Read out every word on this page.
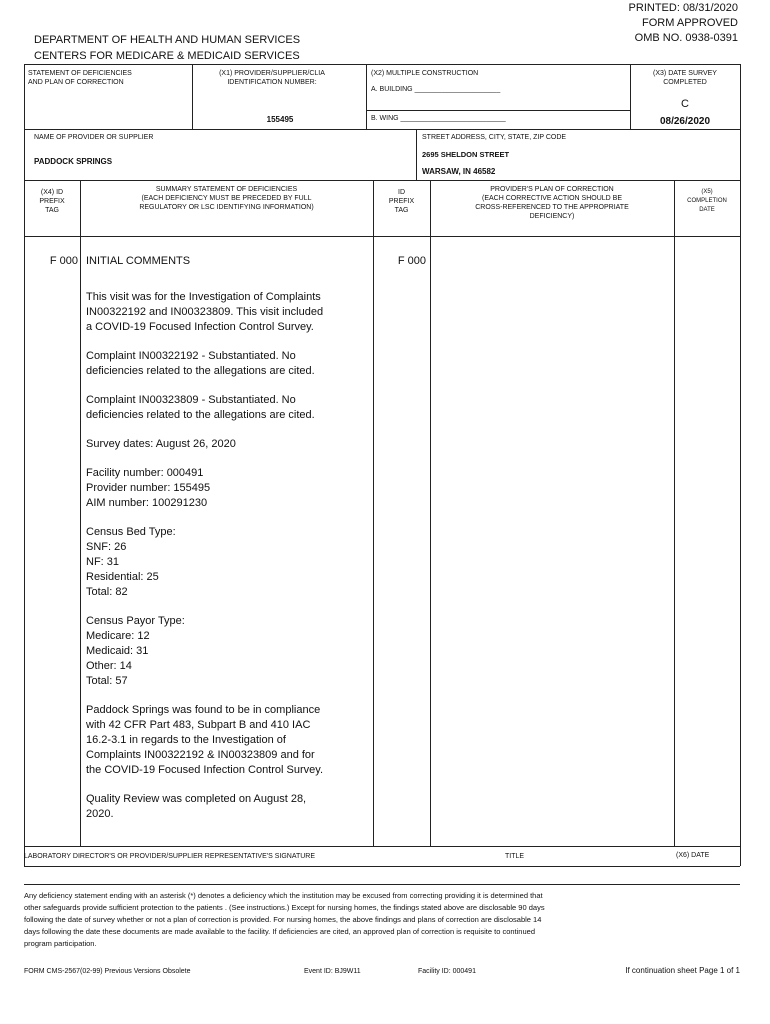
PRINTED: 08/31/2020
FORM APPROVED
OMB NO. 0938-0391
DEPARTMENT OF HEALTH AND HUMAN SERVICES
CENTERS FOR MEDICARE & MEDICAID SERVICES
STATEMENT OF DEFICIENCIES
AND PLAN OF CORRECTION
(X1) PROVIDER/SUPPLIER/CLIA
IDENTIFICATION NUMBER:
155495
(X2) MULTIPLE CONSTRUCTION
A. BUILDING ______________________
B. WING ___________________________
(X3) DATE SURVEY
COMPLETED
C
08/26/2020
NAME OF PROVIDER OR SUPPLIER
PADDOCK SPRINGS
STREET ADDRESS, CITY, STATE, ZIP CODE
2695 SHELDON STREET
WARSAW, IN 46582
(X4) ID
PREFIX
TAG
SUMMARY STATEMENT OF DEFICIENCIES
(EACH DEFICIENCY MUST BE PRECEDED BY FULL
REGULATORY OR LSC IDENTIFYING INFORMATION)
ID
PREFIX
TAG
PROVIDER'S PLAN OF CORRECTION
(EACH CORRECTIVE ACTION SHOULD BE
CROSS-REFERENCED TO THE APPROPRIATE
DEFICIENCY)
(X5)
COMPLETION
DATE
F 000	F 000
INITIAL COMMENTS

This visit was for the Investigation of Complaints
IN00322192 and IN00323809. This visit included
a COVID-19 Focused Infection Control Survey.

Complaint IN00322192 - Substantiated. No
deficiencies related to the allegations are cited.

Complaint IN00323809 - Substantiated. No
deficiencies related to the allegations are cited.

Survey dates: August 26, 2020

Facility number: 000491
Provider number: 155495
AIM number: 100291230

Census Bed Type:
SNF: 26
NF: 31
Residential: 25
Total: 82

Census Payor Type:
Medicare: 12
Medicaid: 31
Other: 14
Total: 57

Paddock Springs was found to be in compliance
with 42 CFR Part 483, Subpart B and 410 IAC
16.2-3.1 in regards to the Investigation of
Complaints IN00322192 & IN00323809 and for
the COVID-19 Focused Infection Control Survey.

Quality Review was completed on August 28,
2020.

LABORATORY DIRECTOR'S OR PROVIDER/SUPPLIER REPRESENTATIVE'S SIGNATURE	TITLE	(X6) DATE
Any deficiency statement ending with an asterisk (*) denotes a deficiency which the institution may be excused from correcting providing it is determined that
other safeguards provide sufficient protection to the patients . (See instructions.) Except for nursing homes, the findings stated above are disclosable 90 days
following the date of survey whether or not a plan of correction is provided. For nursing homes, the above findings and plans of correction are disclosable 14
days following the date these documents are made available to the facility. If deficiencies are cited, an approved plan of correction is requisite to continued
program participation.
FORM CMS-2567(02-99) Previous Versions Obsolete	Event ID: BJ9W11	Facility ID: 000491	If continuation sheet Page 1 of 1
